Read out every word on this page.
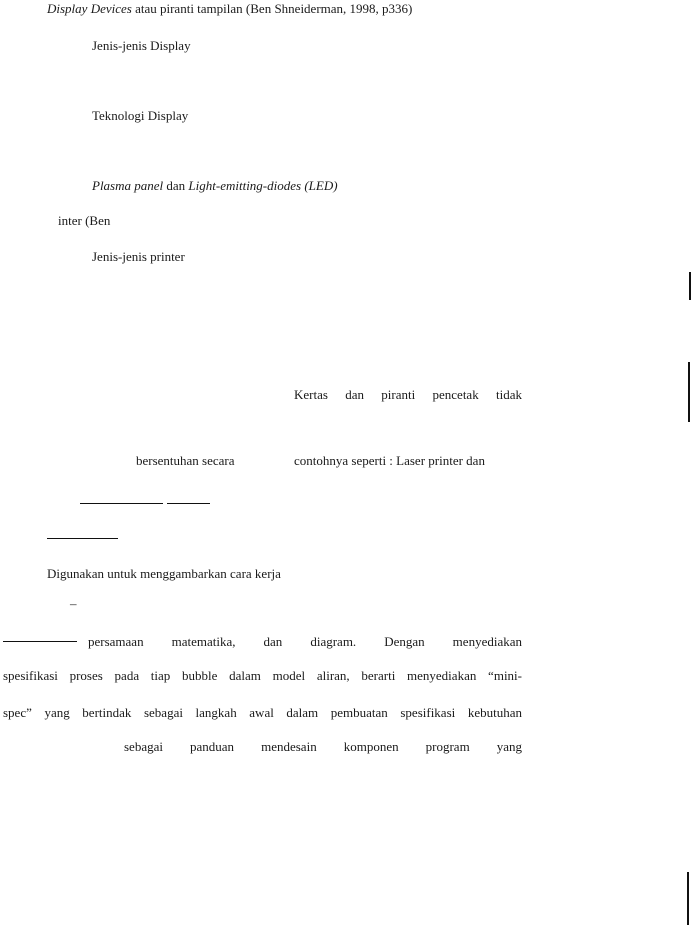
Display Devices atau piranti tampilan (Ben Shneiderman, 1998, p336)
Jenis-jenis Display
Teknologi Display
Plasma panel dan Light-emitting-diodes (LED)
inter (Ben
Jenis-jenis printer
Kertas  dan  piranti  pencetak  tidak
bersentuhan secara	contohnya seperti : Laser printer dan
Digunakan untuk menggambarkan cara kerja
–
persamaan  matematika,  dan  diagram.  Dengan  menyediakan
spesifikasi proses pada tiap bubble dalam model aliran, berarti menyediakan “mini-
spec” yang bertindak sebagai langkah awal dalam pembuatan spesifikasi kebutuhan
sebagai  panduan  mendesain  komponen  program  yang
